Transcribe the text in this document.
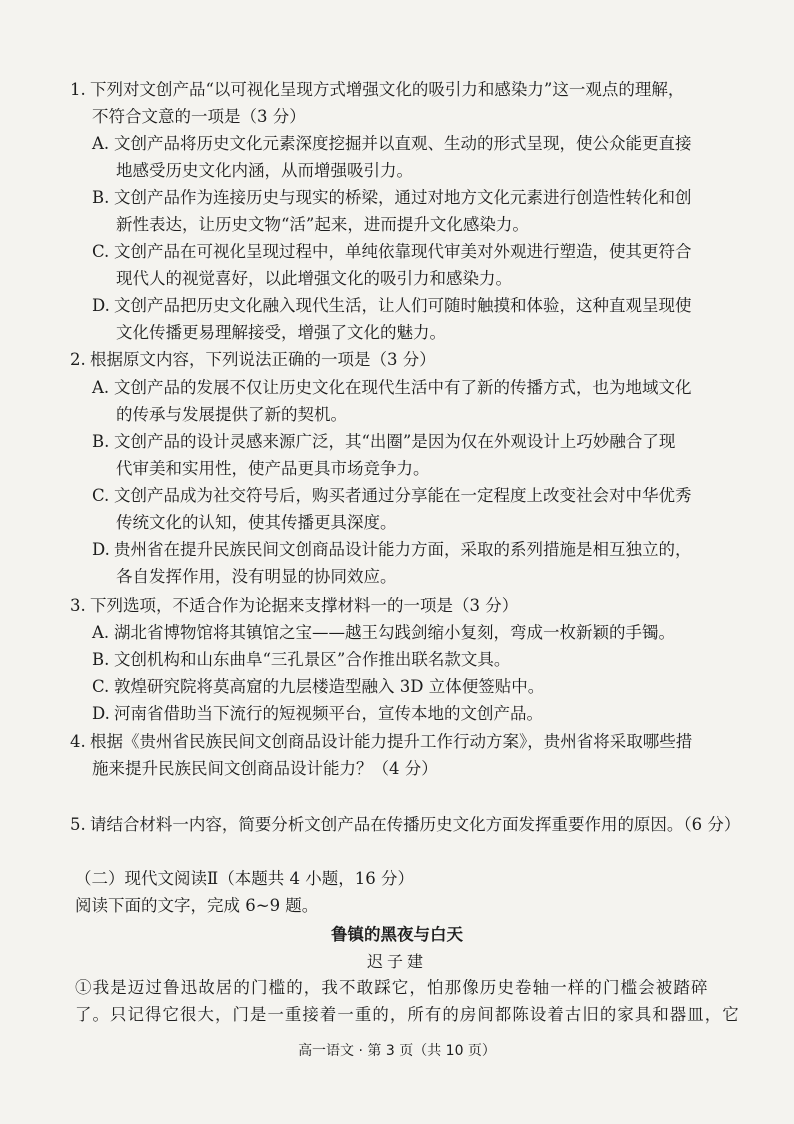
1. 下列对文创产品“以可视化呈现方式增强文化的吸引力和感染力”这一观点的理解，
不符合文意的一项是（3 分）
A. 文创产品将历史文化元素深度挖掘并以直观、生动的形式呈现，使公众能更直接
地感受历史文化内涵，从而增强吸引力。
B. 文创产品作为连接历史与现实的桥梁，通过对地方文化元素进行创造性转化和创
新性表达，让历史文物“活”起来，进而提升文化感染力。
C. 文创产品在可视化呈现过程中，单纯依靠现代审美对外观进行塑造，使其更符合
现代人的视觉喜好，以此增强文化的吸引力和感染力。
D. 文创产品把历史文化融入现代生活，让人们可随时触摸和体验，这种直观呈现使
文化传播更易理解接受，增强了文化的魅力。
2. 根据原文内容，下列说法正确的一项是（3 分）
A. 文创产品的发展不仅让历史文化在现代生活中有了新的传播方式，也为地域文化
的传承与发展提供了新的契机。
B. 文创产品的设计灵感来源广泛，其“出圈”是因为仅在外观设计上巧妙融合了现
代审美和实用性，使产品更具市场竞争力。
C. 文创产品成为社交符号后，购买者通过分享能在一定程度上改变社会对中华优秀
传统文化的认知，使其传播更具深度。
D. 贵州省在提升民族民间文创商品设计能力方面，采取的系列措施是相互独立的，
各自发挥作用，没有明显的协同效应。
3. 下列选项，不适合作为论据来支撑材料一的一项是（3 分）
A. 湖北省博物馆将其镇馆之宝——越王勾践剑缩小复刻，弯成一枚新颖的手镯。
B. 文创机构和山东曲阜“三孔景区”合作推出联名款文具。
C. 敦煌研究院将莫高窟的九层楼造型融入 3D 立体便签贴中。
D. 河南省借助当下流行的短视频平台，宣传本地的文创产品。
4. 根据《贵州省民族民间文创商品设计能力提升工作行动方案》，贵州省将采取哪些措
施来提升民族民间文创商品设计能力？（4 分）
5. 请结合材料一内容，简要分析文创产品在传播历史文化方面发挥重要作用的原因。（6 分）
（二）现代文阅读Ⅱ（本题共 4 小题，16 分）
阅读下面的文字，完成 6~9 题。
鲁镇的黑夜与白天
迟子建
①我是迈过鲁迅故居的门槛的，我不敢踩它，怕那像历史卷轴一样的门槛会被踏碎
高一语文 · 第 3 页（共 10 页）
了。只记得它很大，门是一重接着一重的，所有的房间都陈设着古旧的家具和器皿，它
